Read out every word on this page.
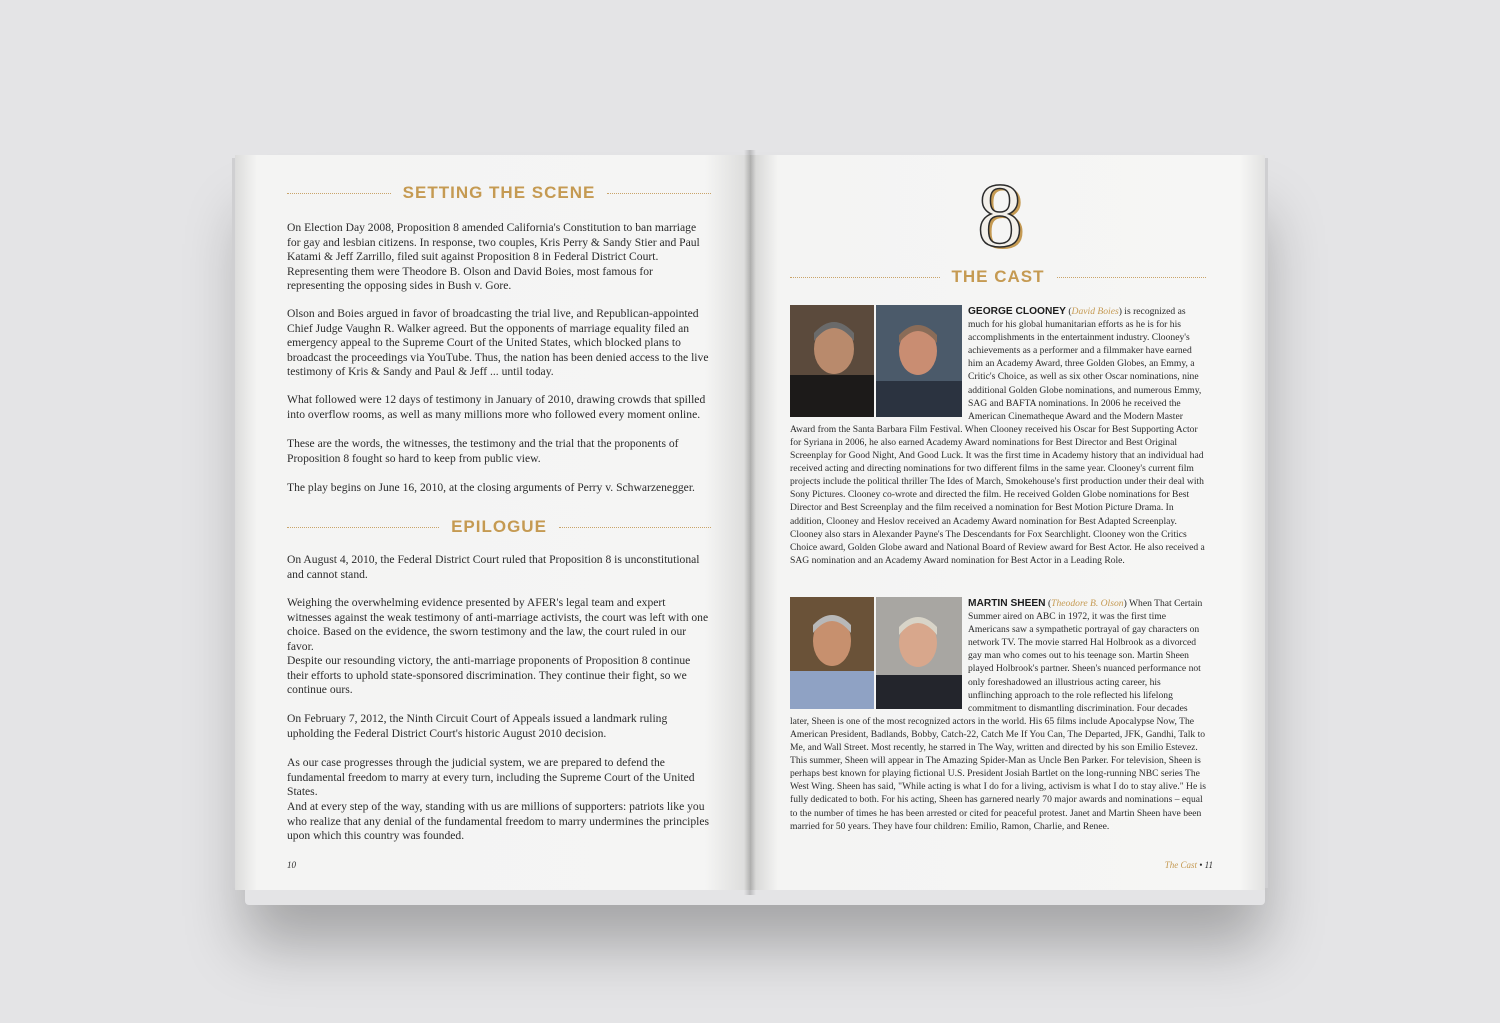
SETTING THE SCENE

On Election Day 2008, Proposition 8 amended California's Constitution to ban marriage for gay and lesbian citizens. In response, two couples, Kris Perry & Sandy Stier and Paul Katami & Jeff Zarrillo, filed suit against Proposition 8 in Federal District Court. Representing them were Theodore B. Olson and David Boies, most famous for representing the opposing sides in Bush v. Gore.

Olson and Boies argued in favor of broadcasting the trial live, and Republican-appointed Chief Judge Vaughn R. Walker agreed. But the opponents of marriage equality filed an emergency appeal to the Supreme Court of the United States, which blocked plans to broadcast the proceedings via YouTube. Thus, the nation has been denied access to the live testimony of Kris & Sandy and Paul & Jeff ... until today.

What followed were 12 days of testimony in January of 2010, drawing crowds that spilled into overflow rooms, as well as many millions more who followed every moment online.

These are the words, the witnesses, the testimony and the trial that the proponents of Proposition 8 fought so hard to keep from public view.

The play begins on June 16, 2010, at the closing arguments of Perry v. Schwarzenegger.

EPILOGUE

On August 4, 2010, the Federal District Court ruled that Proposition 8 is unconstitutional and cannot stand.

Weighing the overwhelming evidence presented by AFER's legal team and expert witnesses against the weak testimony of anti-marriage activists, the court was left with one choice. Based on the evidence, the sworn testimony and the law, the court ruled in our favor.

Despite our resounding victory, the anti-marriage proponents of Proposition 8 continue their efforts to uphold state-sponsored discrimination. They continue their fight, so we continue ours.

On February 7, 2012, the Ninth Circuit Court of Appeals issued a landmark ruling upholding the Federal District Court's historic August 2010 decision.

As our case progresses through the judicial system, we are prepared to defend the fundamental freedom to marry at every turn, including the Supreme Court of the United States.

And at every step of the way, standing with us are millions of supporters: patriots like you who realize that any denial of the fundamental freedom to marry undermines the principles upon which this country was founded.

10
8
THE CAST

GEORGE CLOONEY (David Boies) is recognized as much for his global humanitarian efforts as he is for his accomplishments in the entertainment industry. Clooney's achievements as a performer and a filmmaker have earned him an Academy Award, three Golden Globes, an Emmy, a Critic's Choice, as well as six other Oscar nominations, nine additional Golden Globe nominations, and numerous Emmy, SAG and BAFTA nominations. In 2006 he received the American Cinematheque Award and the Modern Master Award from the Santa Barbara Film Festival. When Clooney received his Oscar for Best Supporting Actor for Syriana in 2006, he also earned Academy Award nominations for Best Director and Best Original Screenplay for Good Night, And Good Luck. It was the first time in Academy history that an individual had received acting and directing nominations for two different films in the same year. Clooney's current film projects include the political thriller The Ides of March, Smokehouse's first production under their deal with Sony Pictures. Clooney co-wrote and directed the film. He received Golden Globe nominations for Best Director and Best Screenplay and the film received a nomination for Best Motion Picture Drama. In addition, Clooney and Heslov received an Academy Award nomination for Best Adapted Screenplay. Clooney also stars in Alexander Payne's The Descendants for Fox Searchlight. Clooney won the Critics Choice award, Golden Globe award and National Board of Review award for Best Actor. He also received a SAG nomination and an Academy Award nomination for Best Actor in a Leading Role.

MARTIN SHEEN (Theodore B. Olson) When That Certain Summer aired on ABC in 1972, it was the first time Americans saw a sympathetic portrayal of gay characters on network TV. The movie starred Hal Holbrook as a divorced gay man who comes out to his teenage son. Martin Sheen played Holbrook's partner. Sheen's nuanced performance not only foreshadowed an illustrious acting career, his unflinching approach to the role reflected his lifelong commitment to dismantling discrimination. Four decades later, Sheen is one of the most recognized actors in the world. His 65 films include Apocalypse Now, The American President, Badlands, Bobby, Catch-22, Catch Me If You Can, The Departed, JFK, Gandhi, Talk to Me, and Wall Street. Most recently, he starred in The Way, written and directed by his son Emilio Estevez. This summer, Sheen will appear in The Amazing Spider-Man as Uncle Ben Parker. For television, Sheen is perhaps best known for playing fictional U.S. President Josiah Bartlet on the long-running NBC series The West Wing. Sheen has said, "While acting is what I do for a living, activism is what I do to stay alive." He is fully dedicated to both. For his acting, Sheen has garnered nearly 70 major awards and nominations – equal to the number of times he has been arrested or cited for peaceful protest. Janet and Martin Sheen have been married for 50 years. They have four children: Emilio, Ramon, Charlie, and Renee.

The Cast • 11
